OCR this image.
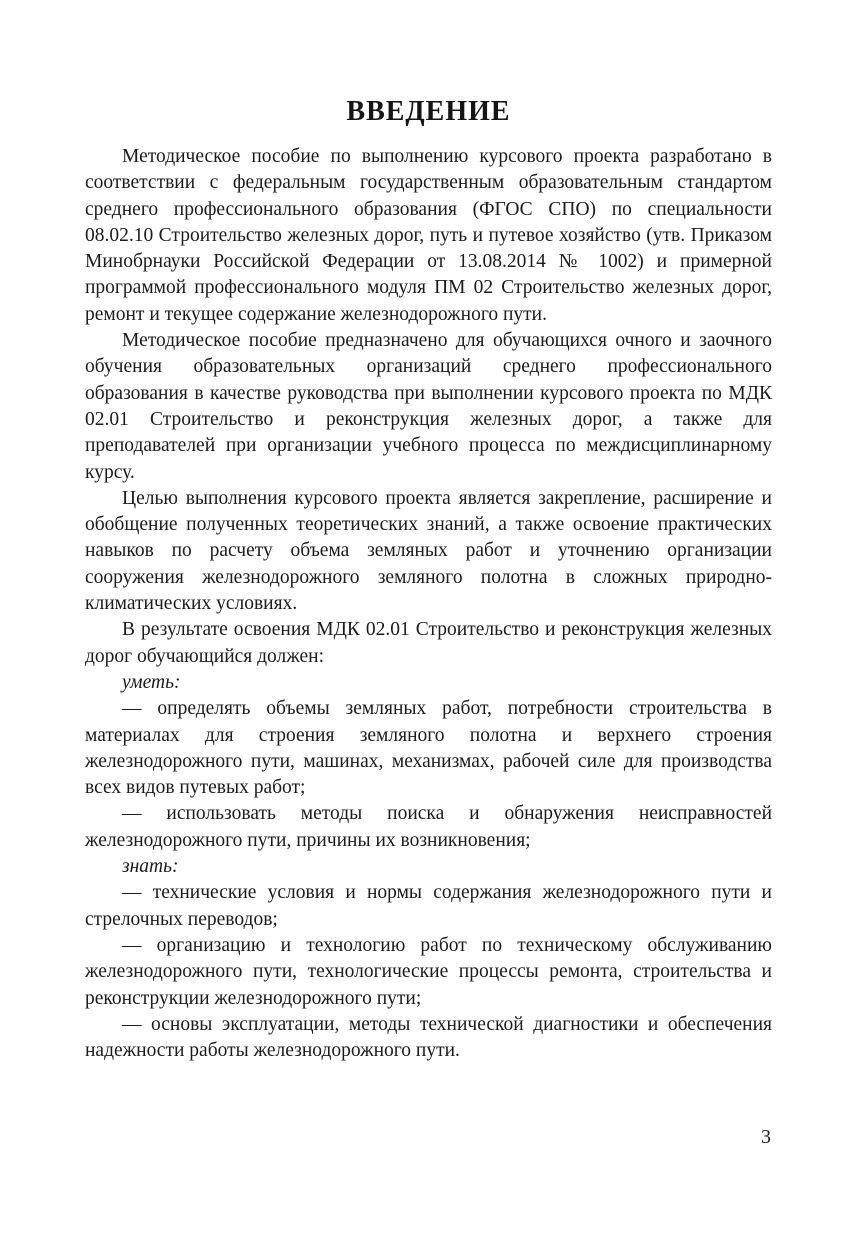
ВВЕДЕНИЕ

Методическое пособие по выполнению курсового проекта разработано в соответствии с федеральным государственным образовательным стандартом среднего профессионального образования (ФГОС СПО) по специальности 08.02.10 Строительство железных дорог, путь и путевое хозяйство (утв. Приказом Минобрнауки Российской Федерации от 13.08.2014 № 1002) и примерной программой профессионального модуля ПМ 02 Строительство железных дорог, ремонт и текущее содержание железнодорожного пути.

Методическое пособие предназначено для обучающихся очного и заочного обучения образовательных организаций среднего профессионального образования в качестве руководства при выполнении курсового проекта по МДК 02.01 Строительство и реконструкция железных дорог, а также для преподавателей при организации учебного процесса по междисциплинарному курсу.

Целью выполнения курсового проекта является закрепление, расширение и обобщение полученных теоретических знаний, а также освоение практических навыков по расчету объема земляных работ и уточнению организации сооружения железнодорожного земляного полотна в сложных природно-климатических условиях.

В результате освоения МДК 02.01 Строительство и реконструкция железных дорог обучающийся должен:

уметь:

— определять объемы земляных работ, потребности строительства в материалах для строения земляного полотна и верхнего строения железнодорожного пути, машинах, механизмах, рабочей силе для производства всех видов путевых работ;

— использовать методы поиска и обнаружения неисправностей железнодорожного пути, причины их возникновения;

знать:

— технические условия и нормы содержания железнодорожного пути и стрелочных переводов;

— организацию и технологию работ по техническому обслуживанию железнодорожного пути, технологические процессы ремонта, строительства и реконструкции железнодорожного пути;

— основы эксплуатации, методы технической диагностики и обеспечения надежности работы железнодорожного пути.

3
